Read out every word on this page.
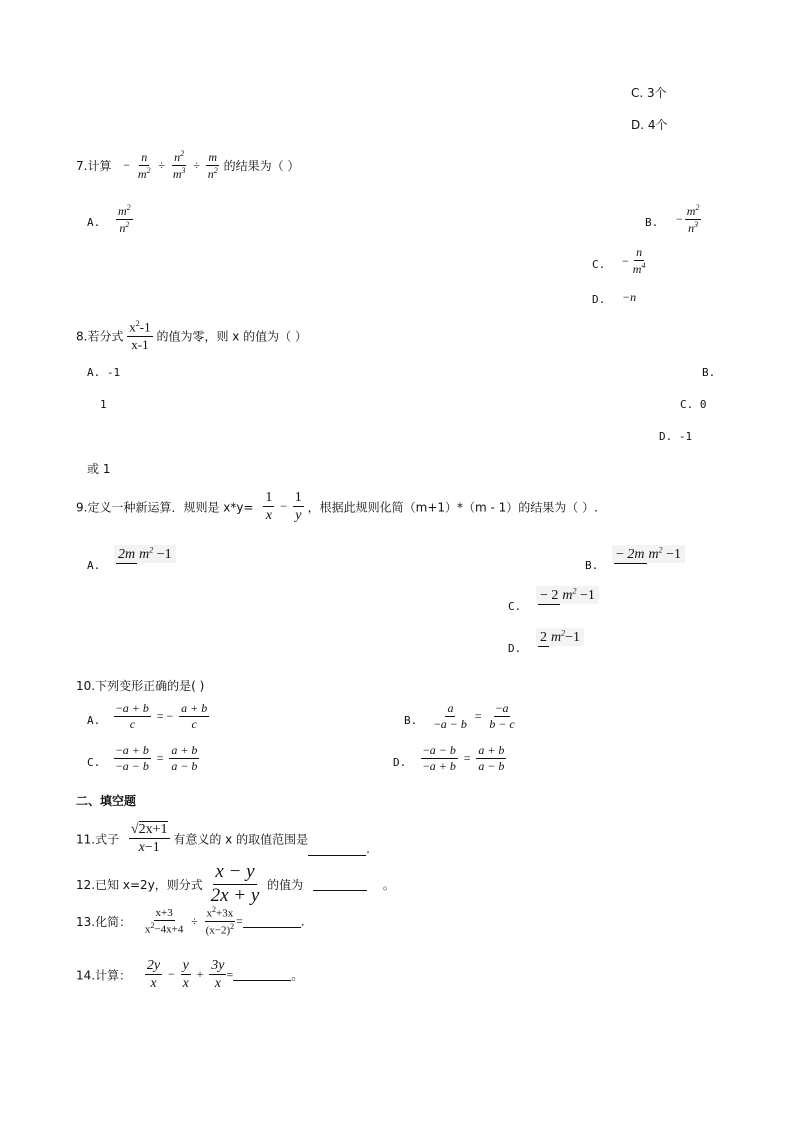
C. 3个
D. 4个
7.计算 − $\frac{n}{m^2} \div \frac{n^2}{m^3} \div \frac{m}{n^2}$ 的结果为（ ）
A. $\frac{m^2}{n^2}$	B. − $\frac{m^2}{n^3}$
C. − $\frac{n}{m^4}$
D. −n
8.若分式 $\frac{x^2-1}{x-1}$ 的值为零，则 x 的值为（ ）
A. -1	B.
1	C. 0
D. -1
或 1
9.定义一种新运算．规则是 $x*y= \frac{1}{x} - \frac{1}{y}$ ，根据此规则化简（m+1）*（m - 1）的结果为（ ）.
A.
2m $m^2 -1$
B.
− 2m $m^2 -1$
C.
− 2 $m^2 -1$
D.
2 $m^2-1$
10.下列变形正确的是( )
A. $\frac{-a + b}{c}$ = − $\frac{a + b}{c}$	B. $\frac{a}{-a - b} = \frac{-a}{b - c}$
C. $\frac{-a + b}{-a - b} = \frac{a + b}{a - b}$	D. $\frac{-a - b}{-a + b} = \frac{a + b}{a - b}$
二、填空题
11.式子 $\frac{√2x+1}{x-1}$ 有意义的 x 的取值范围是.
12.已知 x=2y，则分式 $\frac{x - y}{2x + y}$ 的值为	。
13.化简： $\frac{x+3}{x^2-4x+4} \div \frac{x^2+3x}{(x-2)^2}$ =	.
14.计算： $\frac{2y}{x} - \frac{y}{x} + \frac{3y}{x}$ =	。
